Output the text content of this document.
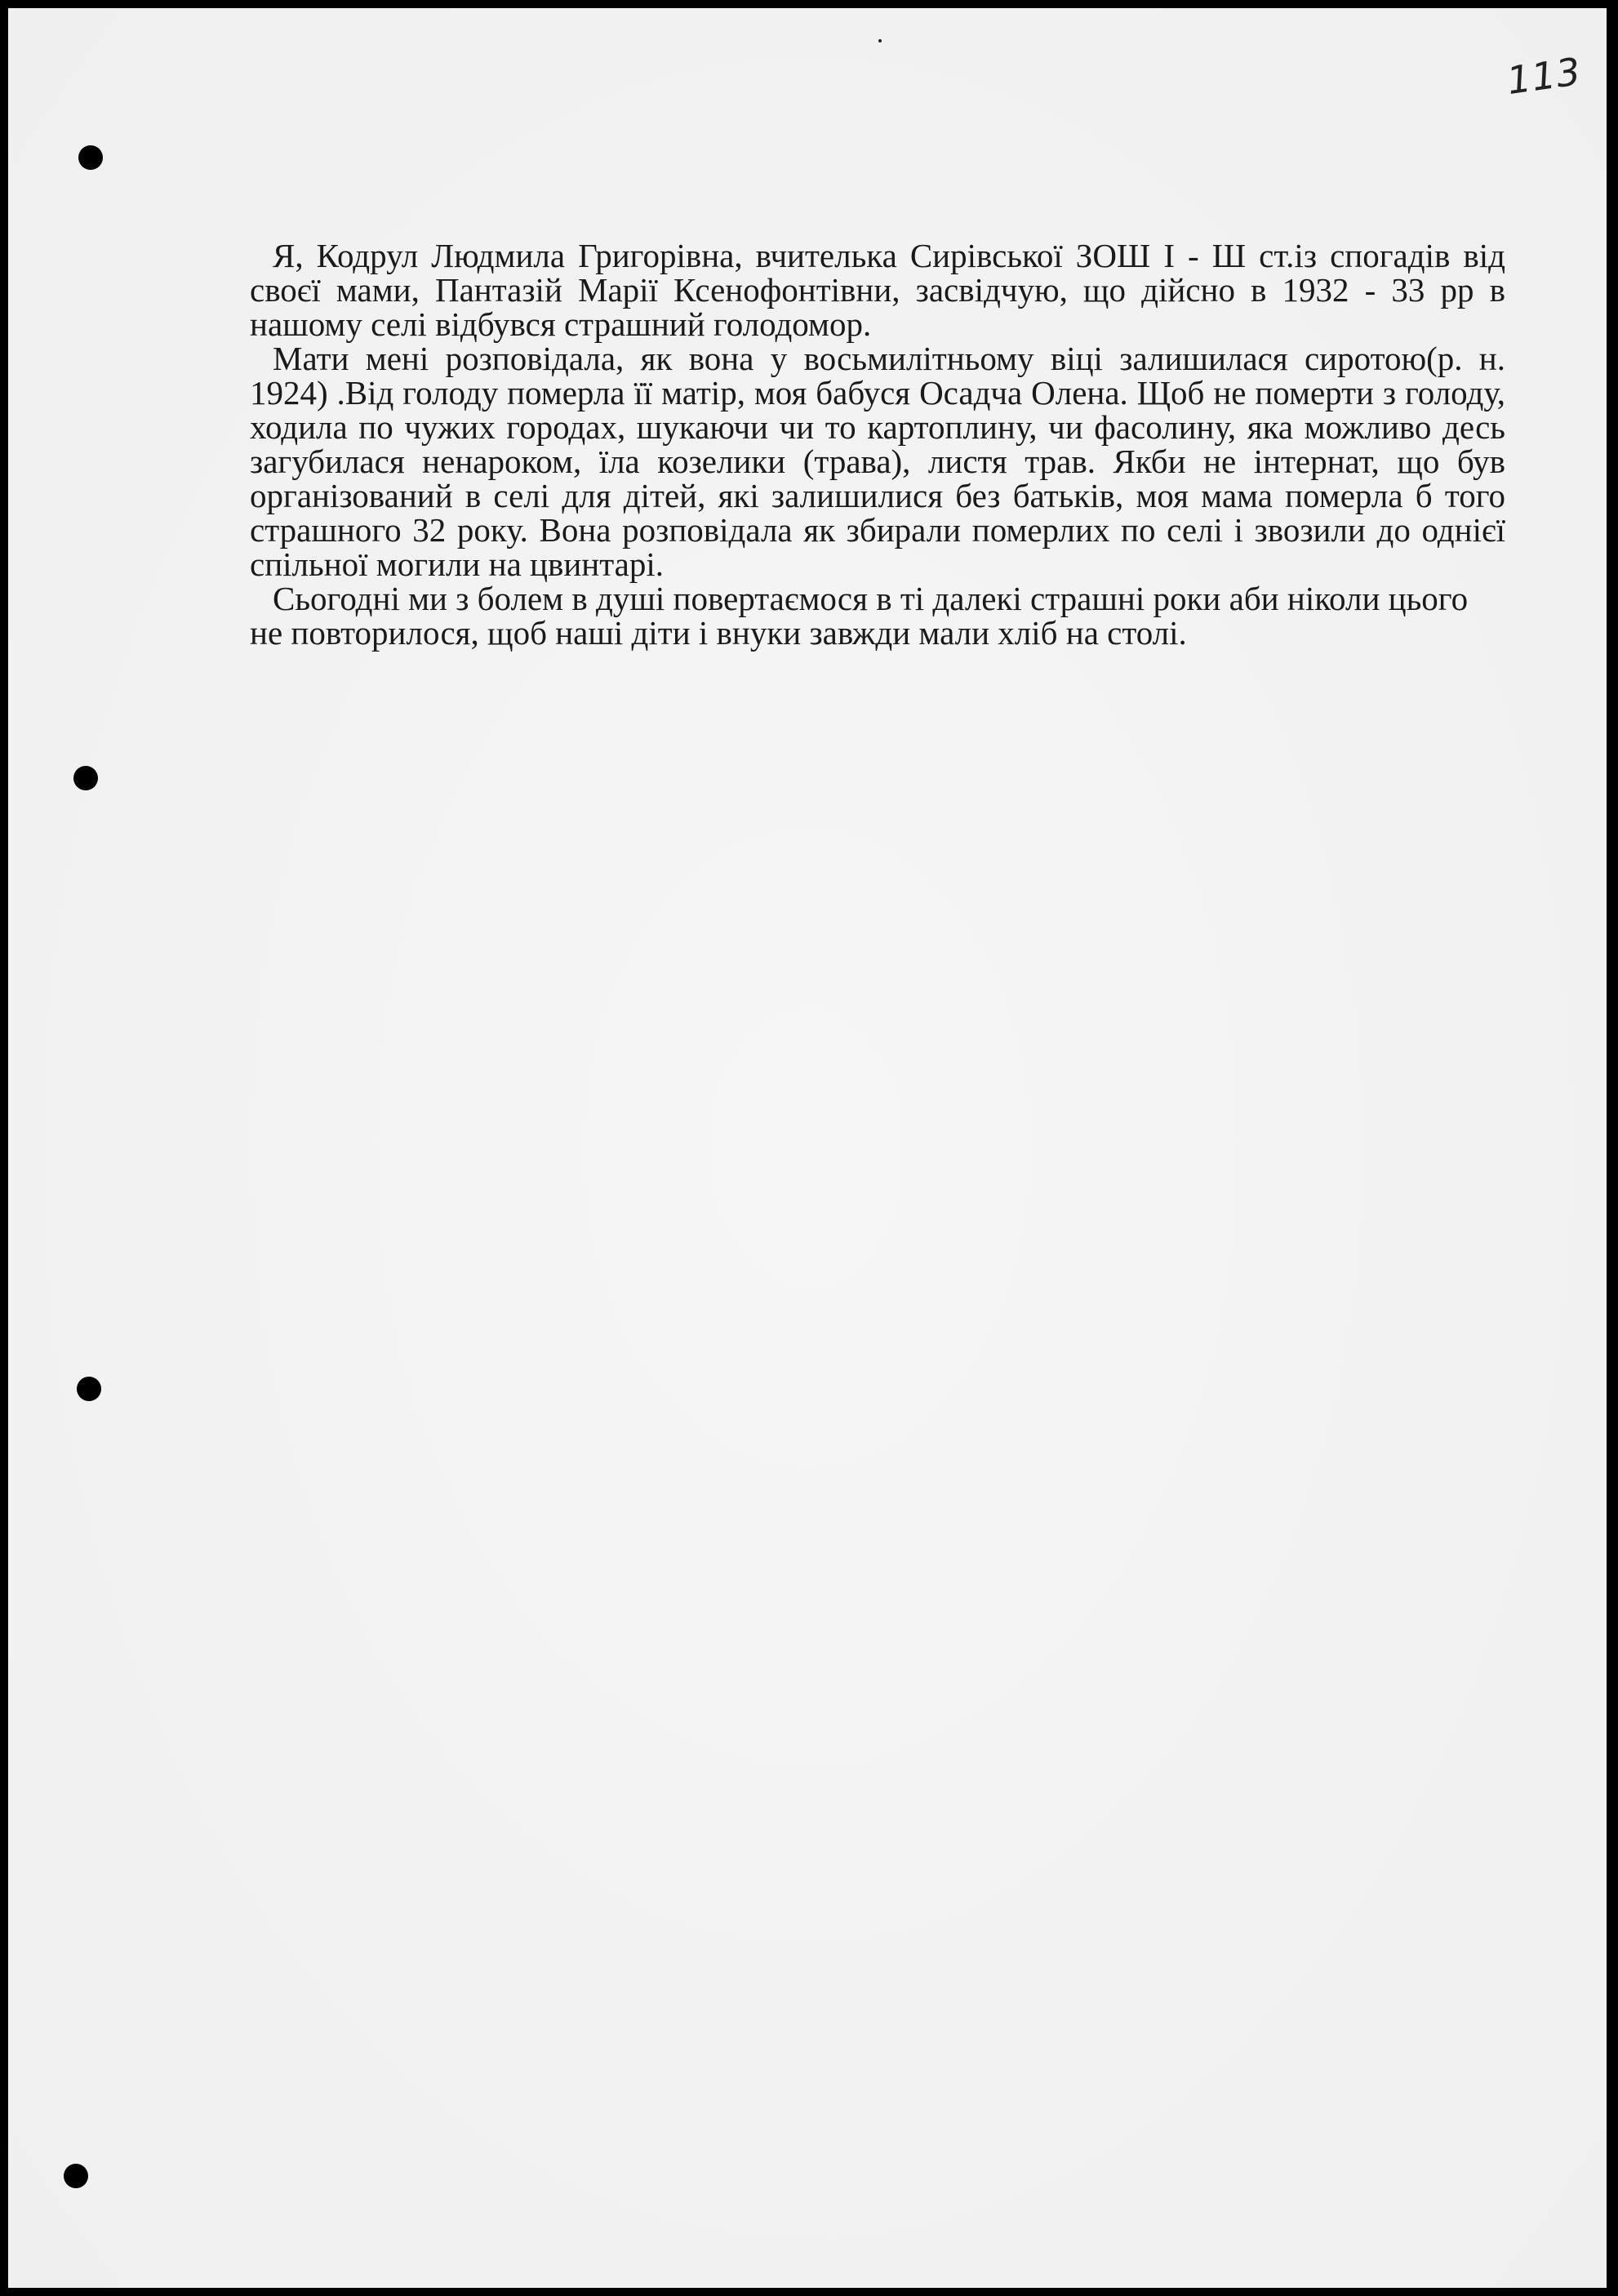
113

Я, Кодрул Людмила Григорівна, вчителька Сирівської ЗОШ І - Ш ст.із спогадів від своєї мами, Пантазій Марії Ксенофонтівни, засвідчую, що дійсно в 1932 - 33 рр в нашому селі відбувся страшний голодомор.

Мати мені розповідала, як вона у восьмилітньому віці залишилася сиротою(р. н. 1924) .Від голоду померла її матір, моя бабуся Осадча Олена. Щоб не померти з голоду, ходила по чужих городах, шукаючи чи то картоплину, чи фасолину, яка можливо десь загубилася ненароком, їла козелики (трава), листя трав. Якби не інтернат, що був організований в селі для дітей, які залишилися без батьків, моя мама померла б того страшного 32 року. Вона розповідала як збирали померлих по селі і звозили до однієї спільної могили на цвинтарі.

Сьогодні ми з болем в душі повертаємося в ті далекі страшні роки аби ніколи цього не повторилося, щоб наші діти і внуки завжди мали хліб на столі.
